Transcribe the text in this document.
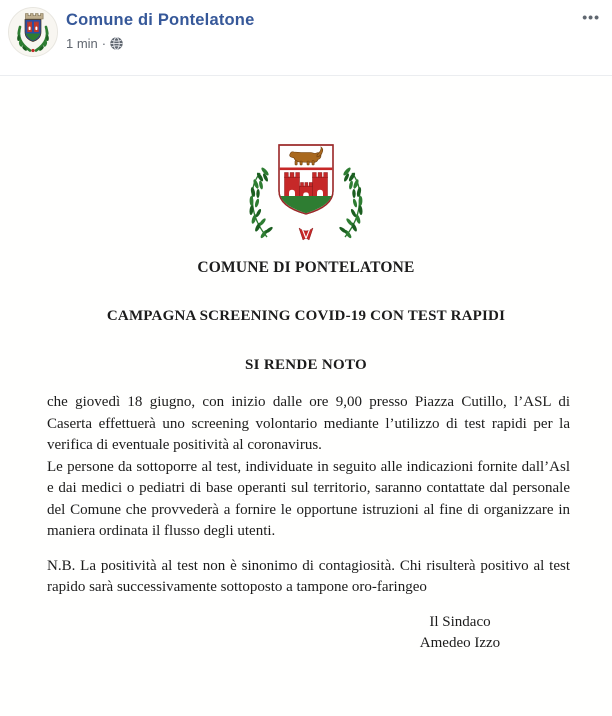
Comune di Pontelatone
1 min ·
•••
COMUNE DI PONTELATONE
CAMPAGNA SCREENING COVID-19 CON TEST RAPIDI
SI RENDE NOTO

che giovedì 18 giugno, con inizio dalle ore 9,00 presso Piazza Cutillo, l’ASL di Caserta effettuerà uno screening volontario mediante l’utilizzo di test rapidi per la verifica di eventuale positività al coronavirus.

Le persone da sottoporre al test, individuate in seguito alle indicazioni fornite dall’Asl e dai medici o pediatri di base operanti sul territorio, saranno contattate dal personale del Comune che provvederà a fornire le opportune istruzioni al fine di organizzare in maniera ordinata il flusso degli utenti.

N.B. La positività al test non è sinonimo di contagiosità. Chi risulterà positivo al test rapido sarà successivamente sottoposto a tampone oro-faringeo

Il Sindaco
Amedeo Izzo
